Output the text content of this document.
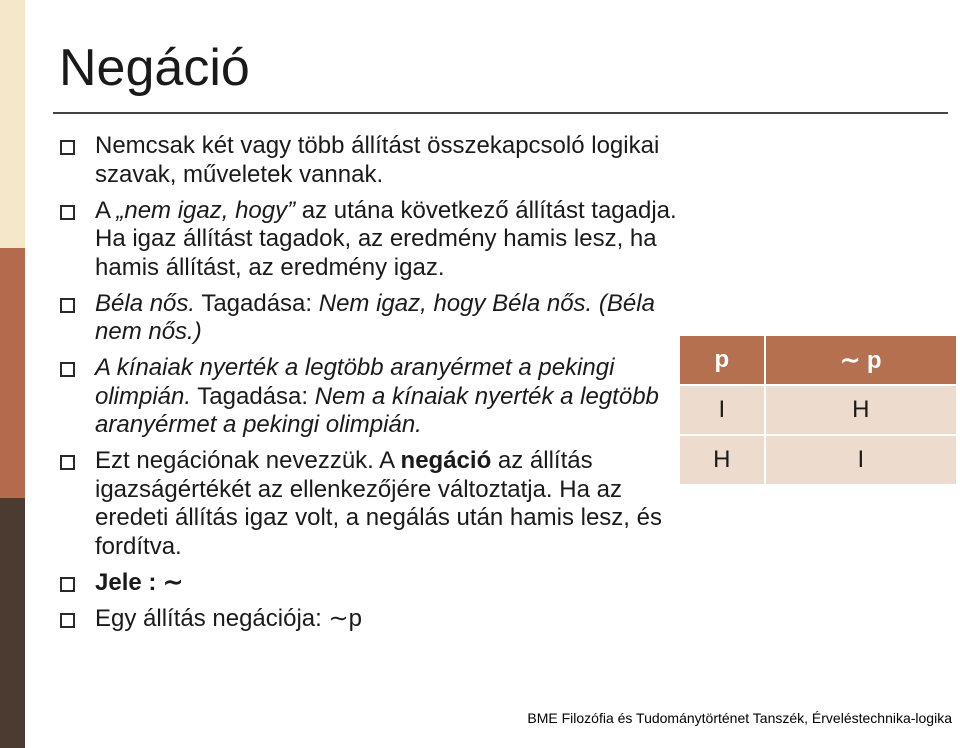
Negáció
Nemcsak két vagy több állítást összekapcsoló logikai szavak, műveletek vannak.
A „nem igaz, hogy” az utána következő állítást tagadja. Ha igaz állítást tagadok, az eredmény hamis lesz, ha hamis állítást, az eredmény igaz.
Béla nős. Tagadása: Nem igaz, hogy Béla nős. (Béla nem nős.)
A kínaiak nyerték a legtöbb aranyérmet a pekingi olimpián. Tagadása: Nem a kínaiak nyerték a legtöbb aranyérmet a pekingi olimpián.
Ezt negációnak nevezzük. A negáció az állítás igazságértékét az ellenkezőjére változtatja. Ha az eredeti állítás igaz volt, a negálás után hamis lesz, és fordítva.
Jele : ∼
Egy állítás negációja: ∼p
p	∼ p
I	H
H	I
BME Filozófia és Tudománytörténet Tanszék, Érveléstechnika-logika
